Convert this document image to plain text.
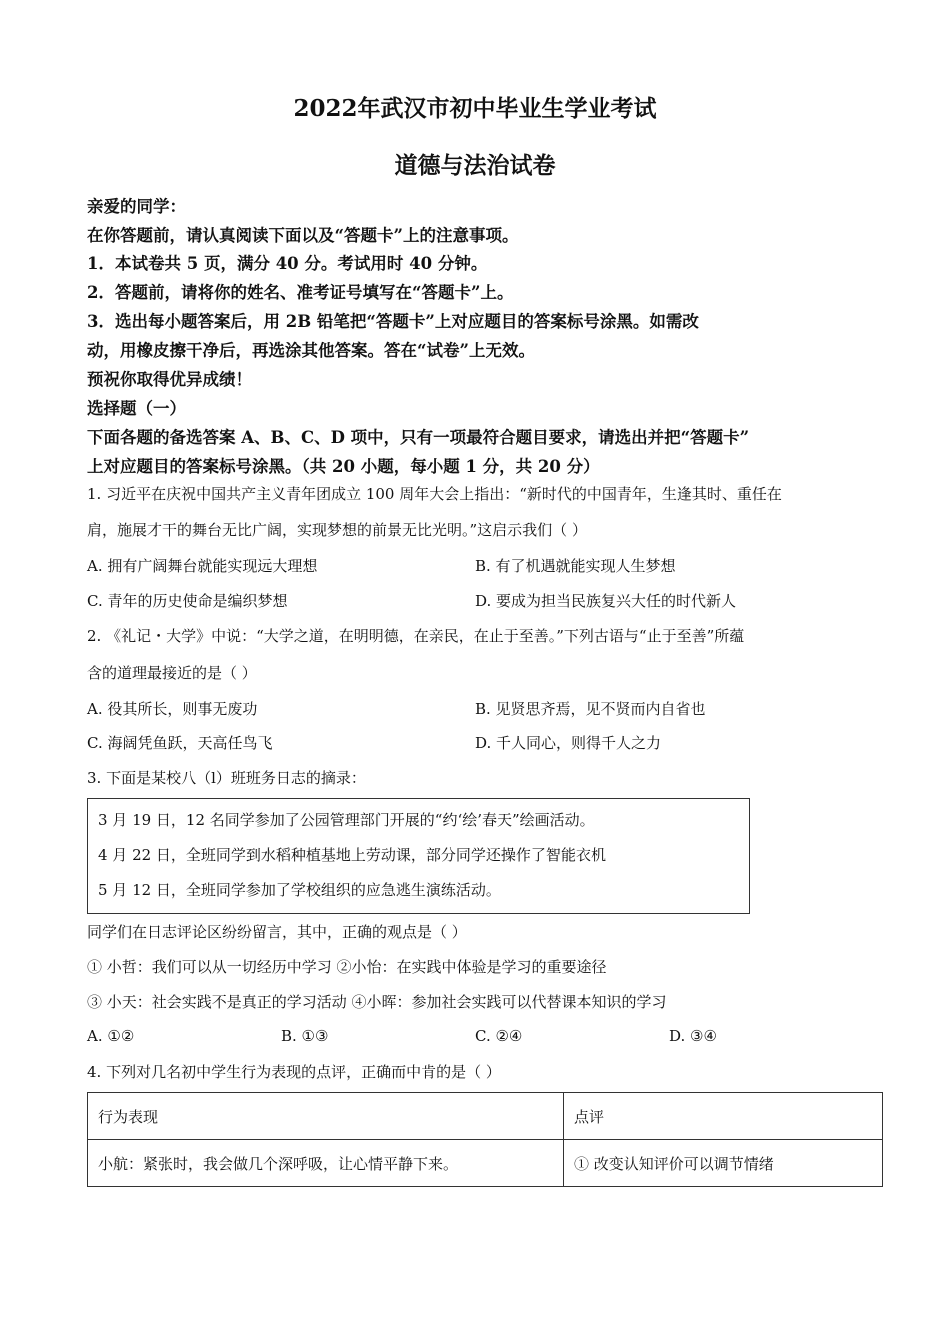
2022年武汉市初中毕业生学业考试
道德与法治试卷
亲爱的同学：
在你答题前，请认真阅读下面以及“答题卡”上的注意事项。
1．本试卷共 5 页，满分 40 分。考试用时 40 分钟。
2．答题前，请将你的姓名、准考证号填写在“答题卡”上。
3．选出每小题答案后，用 2B 铅笔把“答题卡”上对应题目的答案标号涂黑。如需改
动，用橡皮擦干净后，再选涂其他答案。答在“试卷”上无效。
预祝你取得优异成绩！
选择题（一）
下面各题的备选答案 A、B、C、D 项中，只有一项最符合题目要求，请选出并把“答题卡”
上对应题目的答案标号涂黑。（共 20 小题，每小题 1 分，共 20 分）
1. 习近平在庆祝中国共产主义青年团成立 100 周年大会上指出：“新时代的中国青年，生逢其时、重任在
肩，施展才干的舞台无比广阔，实现梦想的前景无比光明。”这启示我们（ ）
A. 拥有广阔舞台就能实现远大理想	B. 有了机遇就能实现人生梦想
C. 青年的历史使命是编织梦想	D. 要成为担当民族复兴大任的时代新人
2. 《礼记・大学》中说：“大学之道，在明明德，在亲民，在止于至善。”下列古语与“止于至善”所蕴
含的道理最接近的是（ ）
A. 役其所长，则事无废功	B. 见贤思齐焉，见不贤而内自省也
C. 海阔凭鱼跃，天高任鸟飞	D. 千人同心，则得千人之力
3. 下面是某校八（l）班班务日志的摘录：
3 月 19 日，12 名同学参加了公园管理部门开展的“约‘绘’春天”绘画活动。
4 月 22 日，全班同学到水稻种植基地上劳动课，部分同学还操作了智能衣机
5 月 12 日，全班同学参加了学校组织的应急逃生演练活动。
同学们在日志评论区纷纷留言，其中，正确的观点是（ ）
① 小哲：我们可以从一切经历中学习 ②小怡：在实践中体验是学习的重要途径
③ 小天：社会实践不是真正的学习活动 ④小晖：参加社会实践可以代替课本知识的学习
A. ①②	B. ①③	C. ②④	D. ③④
4. 下列对几名初中学生行为表现的点评，正确而中肯的是（ ）
行为表现	点评
小航：紧张时，我会做几个深呼吸，让心情平静下来。	① 改变认知评价可以调节情绪
